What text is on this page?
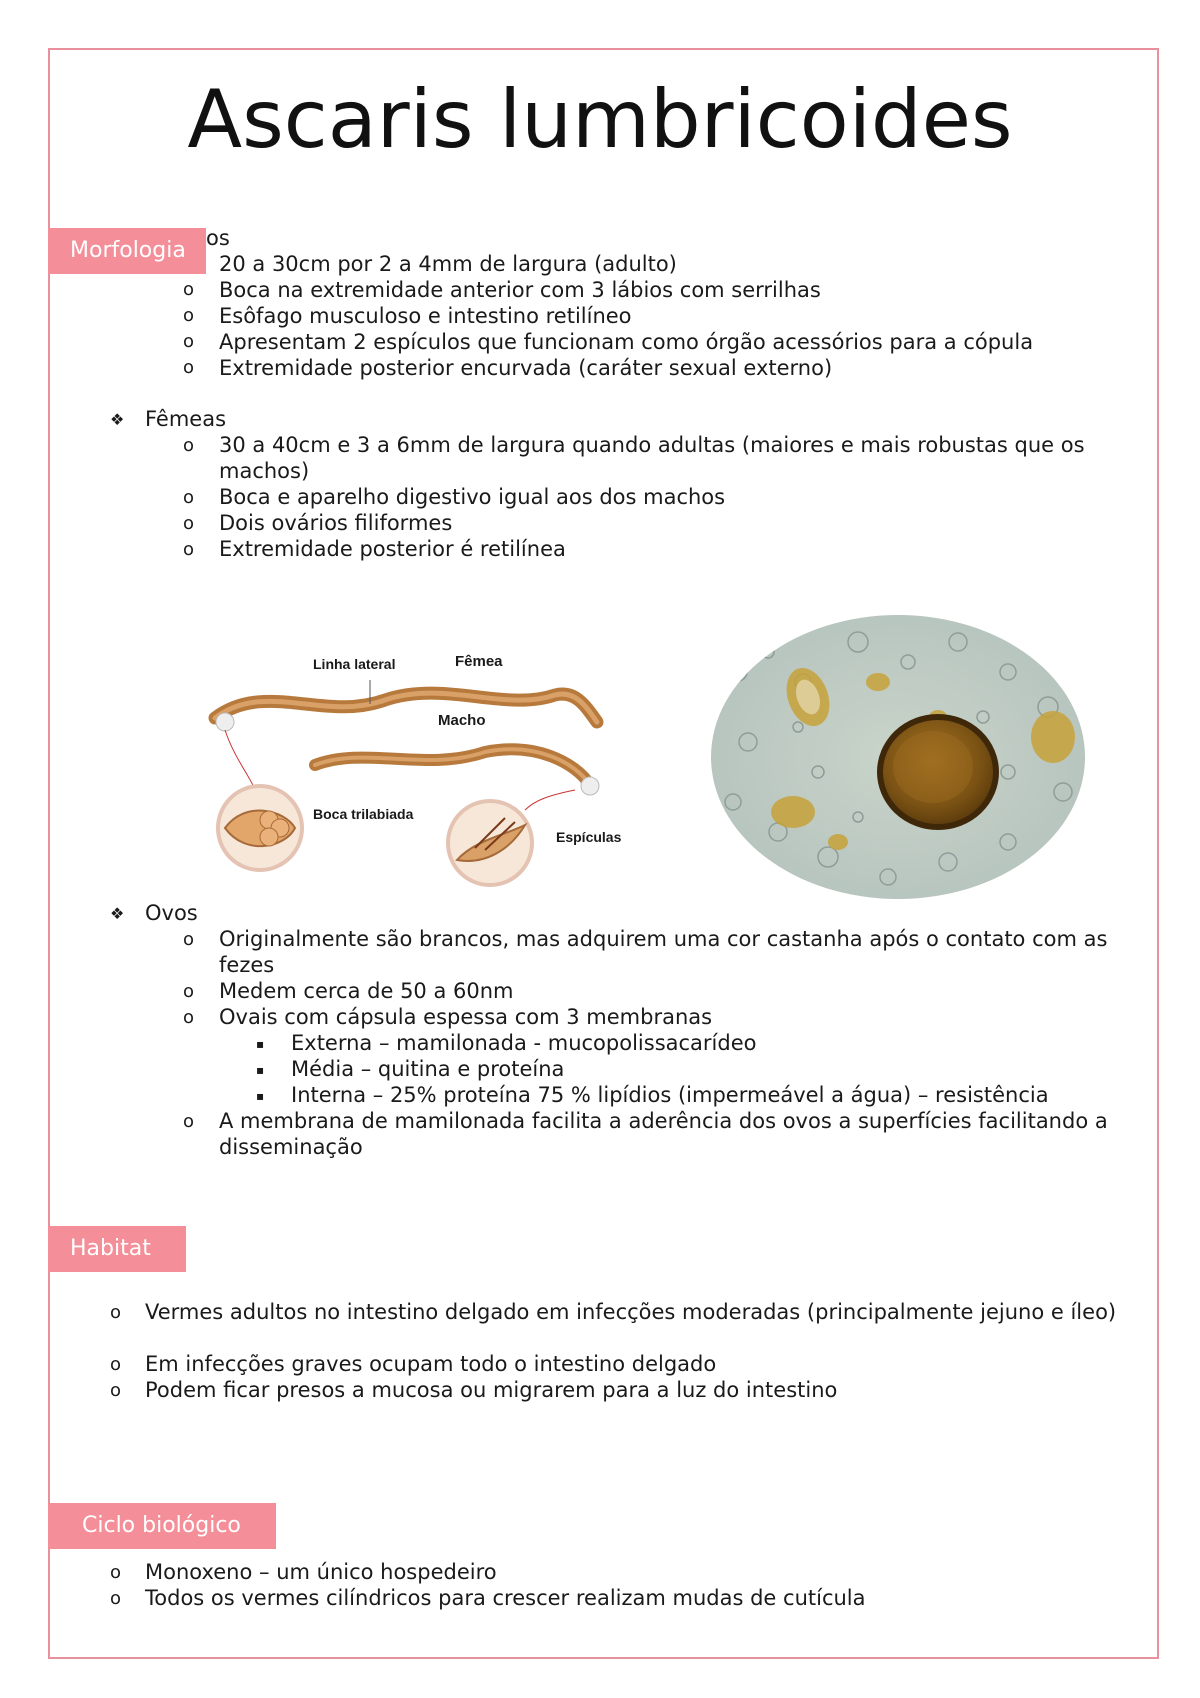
Ascaris lumbricoides
Morfologia os
o
o
o
o
20 a 30cm por 2 a 4mm de largura (adulto)
Boca na extremidade anterior com 3 lábios com serrilhas
Esôfago musculoso e intestino retilíneo
Apresentam 2 espículos que funcionam como órgão acessórios para a cópula
Extremidade posterior encurvada (caráter sexual externo)
❖ Fêmeas
o 30 a 40cm e 3 a 6mm de largura quando adultas (maiores e mais robustas que os machos)
o Boca e aparelho digestivo igual aos dos machos
o Dois ovários filiformes
o Extremidade posterior é retilínea
Linha lateral	Fêmea
Macho
Boca trilabiada
Espículas
❖ Ovos
o Originalmente são brancos, mas adquirem uma cor castanha após o contato com as fezes
o Medem cerca de 50 a 60nm
o Ovais com cápsula espessa com 3 membranas
▪ Externa – mamilonada - mucopolissacarídeo
▪ Média – quitina e proteína
▪ Interna – 25% proteína 75 % lipídios (impermeável a água) – resistência
o A membrana de mamilonada facilita a aderência dos ovos a superfícies facilitando a disseminação
Habitat
o Vermes adultos no intestino delgado em infecções moderadas (principalmente jejuno e íleo)
o Em infecções graves ocupam todo o intestino delgado
o Podem ficar presos a mucosa ou migrarem para a luz do intestino
Ciclo biológico
o Monoxeno – um único hospedeiro
o Todos os vermes cilíndricos para crescer realizam mudas de cutícula
